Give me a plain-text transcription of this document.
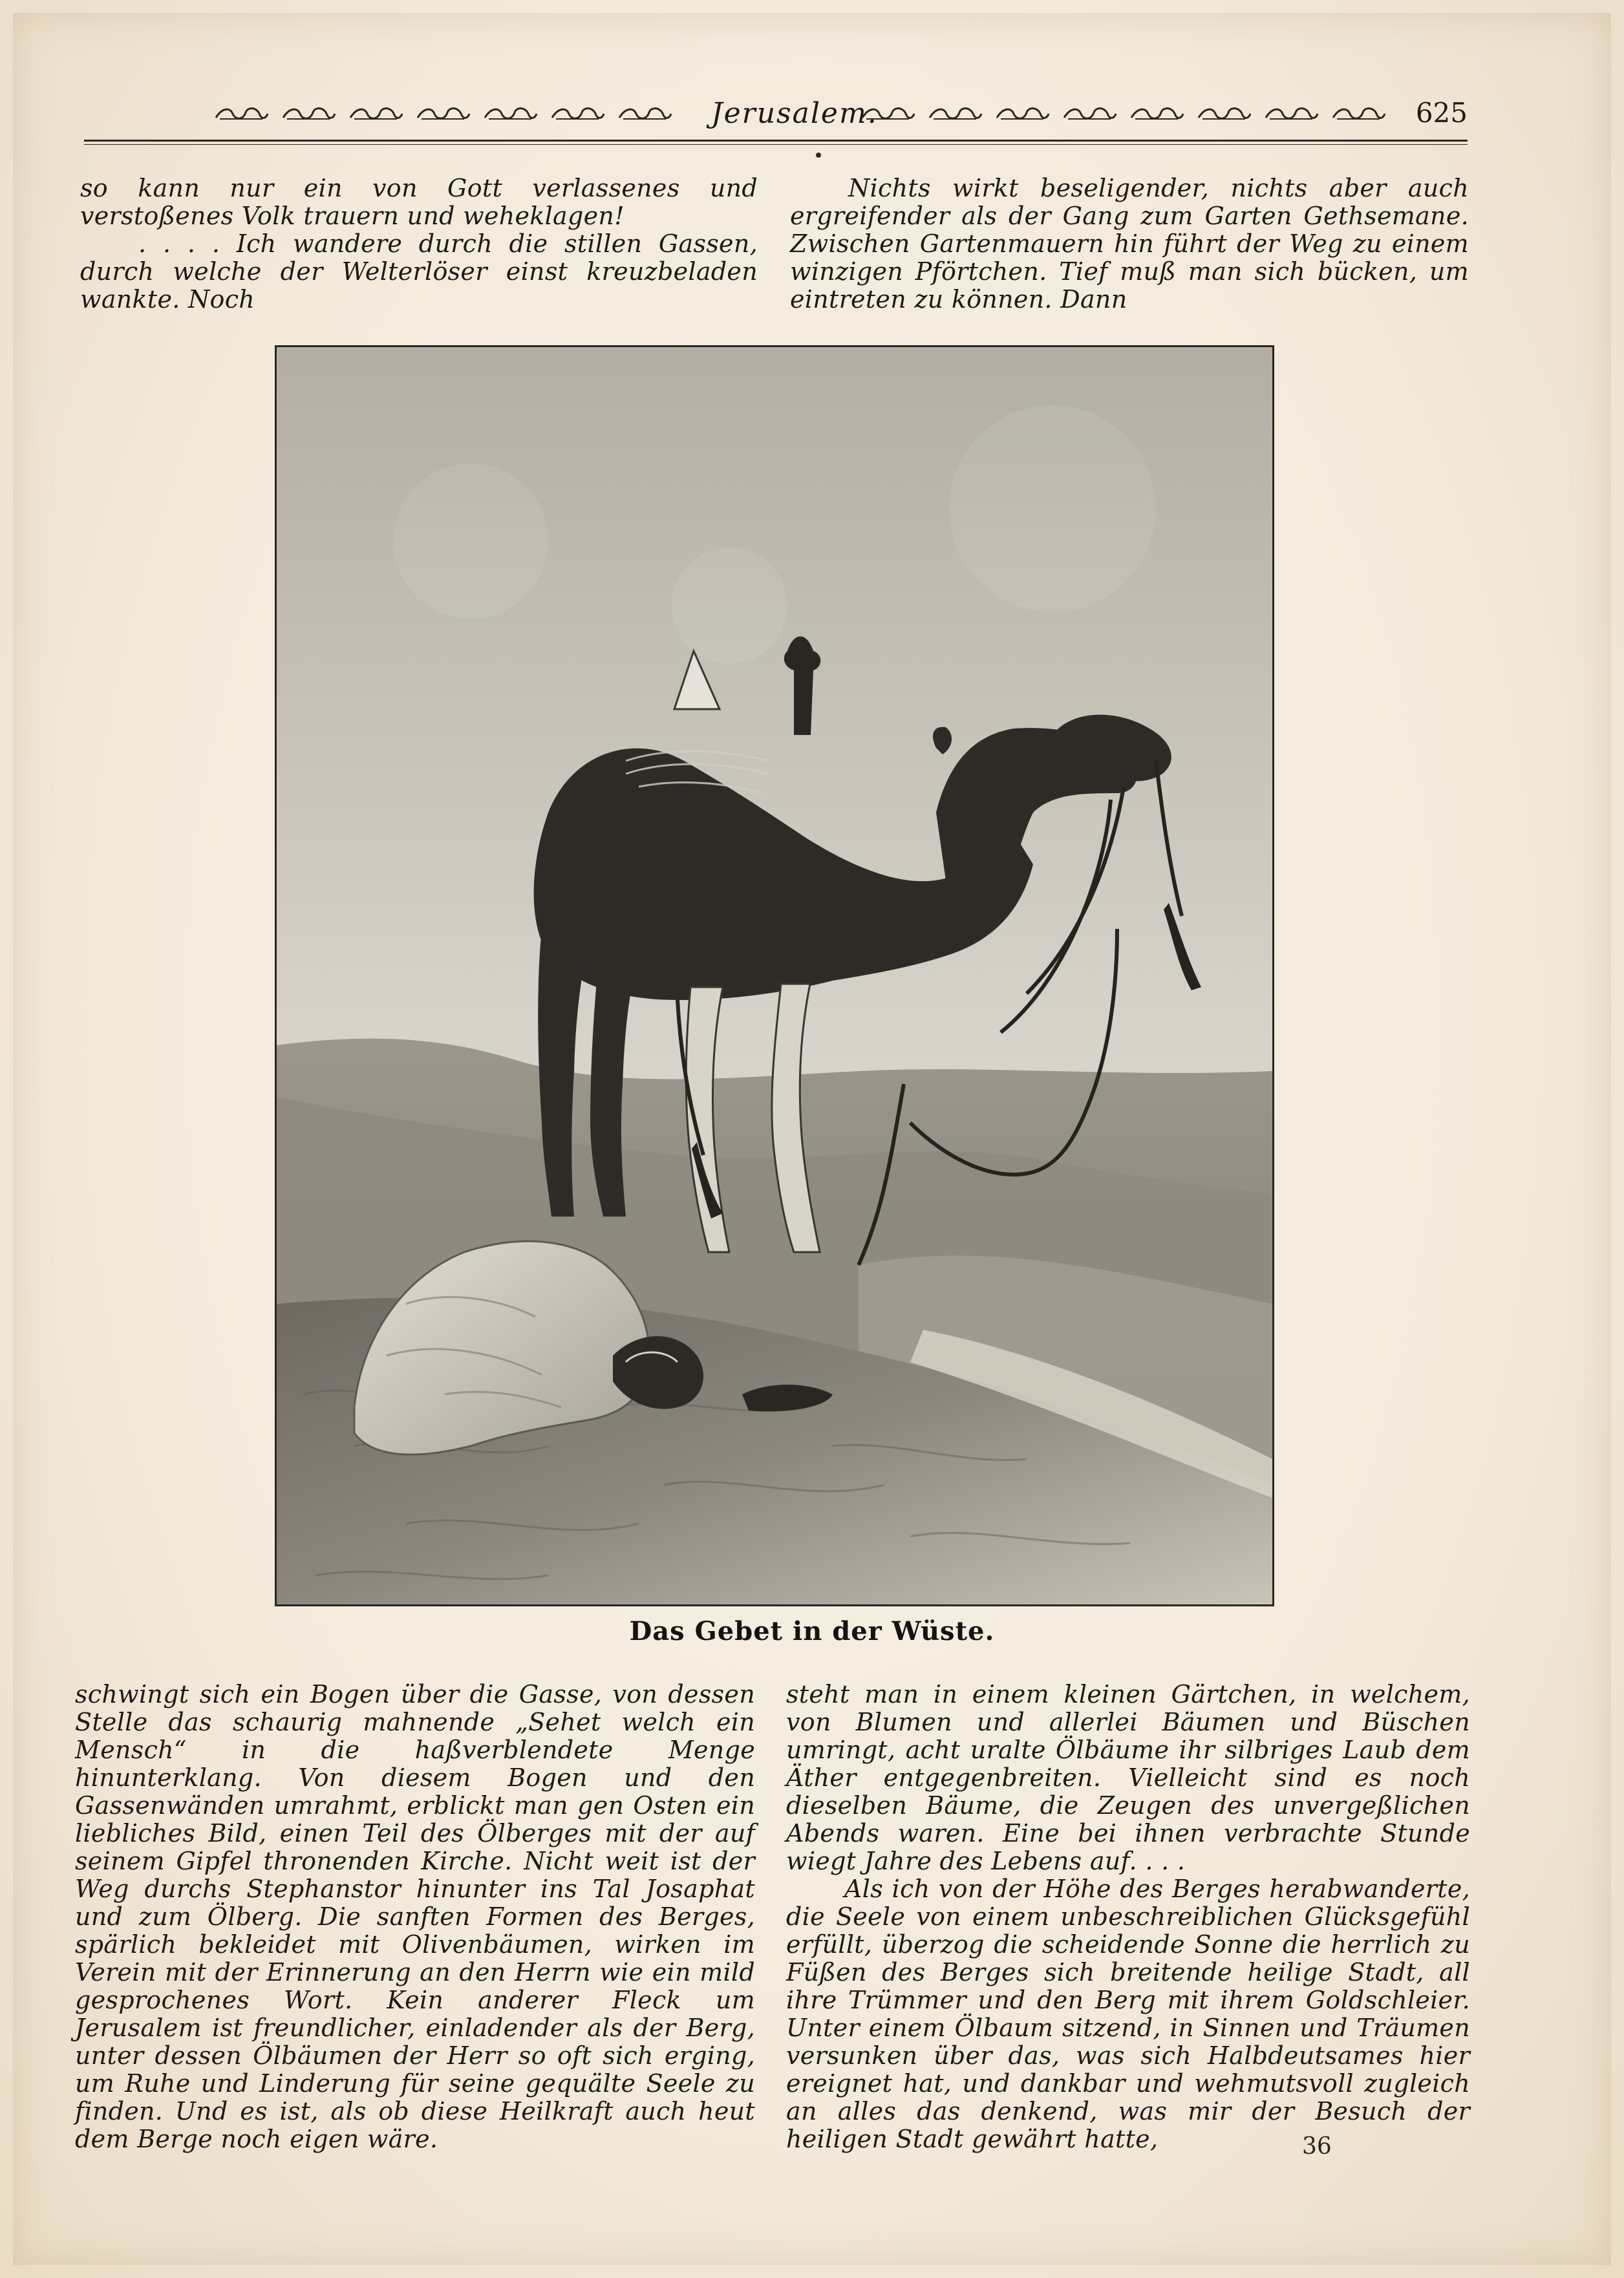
Jerusalem.	625

so kann nur ein von Gott verlassenes und verstoßenes Volk trauern und weheklagen!

. . . . Ich wandere durch die stillen Gassen, durch welche der Welterlöser einst kreuzbeladen wankte. Noch

Nichts wirkt beseligender, nichts aber auch ergreifender als der Gang zum Garten Gethsemane. Zwischen Gartenmauern hin führt der Weg zu einem winzigen Pförtchen. Tief muß man sich bücken, um eintreten zu können. Dann

Das Gebet in der Wüste.

schwingt sich ein Bogen über die Gasse, von dessen Stelle das schaurig mahnende „Sehet welch ein Mensch“ in die haßverblendete Menge hinunterklang. Von diesem Bogen und den Gassenwänden umrahmt, erblickt man gen Osten ein liebliches Bild, einen Teil des Ölberges mit der auf seinem Gipfel thronenden Kirche. Nicht weit ist der Weg durchs Stephanstor hinunter ins Tal Josaphat und zum Ölberg. Die sanften Formen des Berges, spärlich bekleidet mit Olivenbäumen, wirken im Verein mit der Erinnerung an den Herrn wie ein mild gesprochenes Wort. Kein anderer Fleck um Jerusalem ist freundlicher, einladender als der Berg, unter dessen Ölbäumen der Herr so oft sich erging, um Ruhe und Linderung für seine gequälte Seele zu finden. Und es ist, als ob diese Heilkraft auch heut dem Berge noch eigen wäre.

steht man in einem kleinen Gärtchen, in welchem, von Blumen und allerlei Bäumen und Büschen umringt, acht uralte Ölbäume ihr silbriges Laub dem Äther entgegenbreiten. Vielleicht sind es noch dieselben Bäume, die Zeugen des unvergeßlichen Abends waren. Eine bei ihnen verbrachte Stunde wiegt Jahre des Lebens auf. . . .

Als ich von der Höhe des Berges herabwanderte, die Seele von einem unbeschreiblichen Glücksgefühl erfüllt, überzog die scheidende Sonne die herrlich zu Füßen des Berges sich breitende heilige Stadt, all ihre Trümmer und den Berg mit ihrem Goldschleier. Unter einem Ölbaum sitzend, in Sinnen und Träumen versunken über das, was sich Halbdeutsames hier ereignet hat, und dankbar und wehmutsvoll zugleich an alles das denkend, was mir der Besuch der heiligen Stadt gewährt hatte,	36
